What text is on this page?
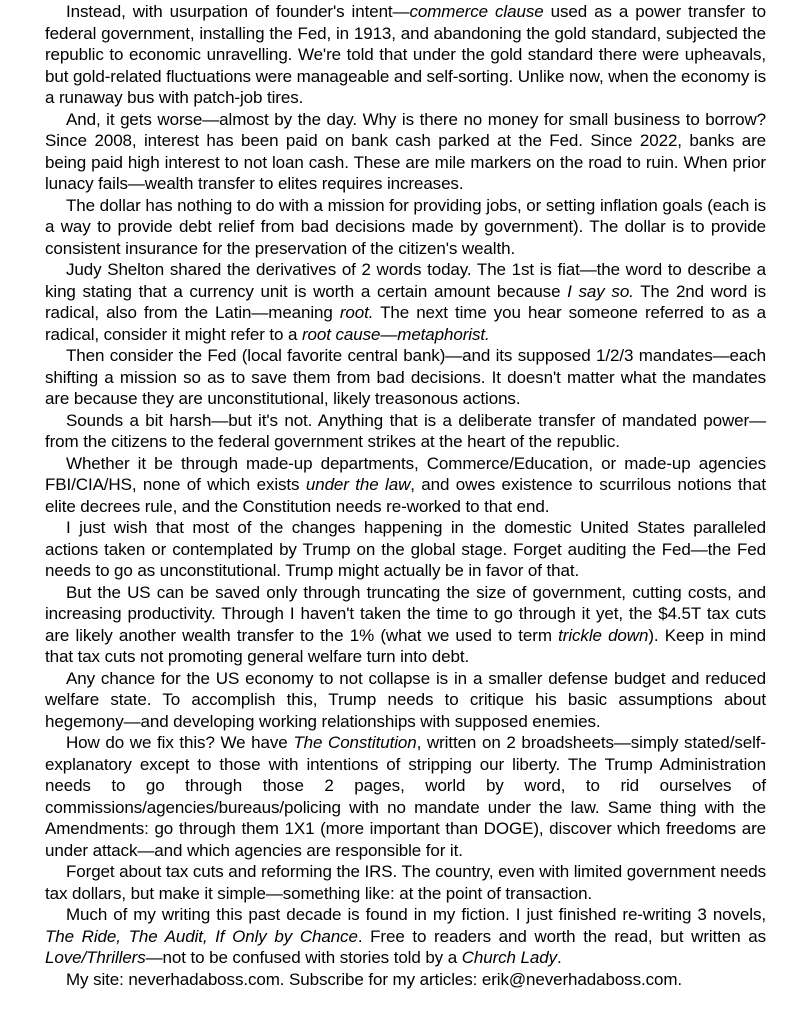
Instead, with usurpation of founder's intent—commerce clause used as a power transfer to federal government, installing the Fed, in 1913, and abandoning the gold standard, subjected the republic to economic unravelling. We're told that under the gold standard there were upheavals, but gold-related fluctuations were manageable and self-sorting. Unlike now, when the economy is a runaway bus with patch-job tires.

And, it gets worse—almost by the day. Why is there no money for small business to borrow? Since 2008, interest has been paid on bank cash parked at the Fed. Since 2022, banks are being paid high interest to not loan cash. These are mile markers on the road to ruin. When prior lunacy fails—wealth transfer to elites requires increases.

The dollar has nothing to do with a mission for providing jobs, or setting inflation goals (each is a way to provide debt relief from bad decisions made by government). The dollar is to provide consistent insurance for the preservation of the citizen's wealth.

Judy Shelton shared the derivatives of 2 words today. The 1st is fiat—the word to describe a king stating that a currency unit is worth a certain amount because I say so. The 2nd word is radical, also from the Latin—meaning root. The next time you hear someone referred to as a radical, consider it might refer to a root cause—metaphorist.

Then consider the Fed (local favorite central bank)—and its supposed 1/2/3 mandates—each shifting a mission so as to save them from bad decisions. It doesn't matter what the mandates are because they are unconstitutional, likely treasonous actions.

Sounds a bit harsh—but it's not. Anything that is a deliberate transfer of mandated power—from the citizens to the federal government strikes at the heart of the republic.

Whether it be through made-up departments, Commerce/Education, or made-up agencies FBI/CIA/HS, none of which exists under the law, and owes existence to scurrilous notions that elite decrees rule, and the Constitution needs re-worked to that end.

I just wish that most of the changes happening in the domestic United States paralleled actions taken or contemplated by Trump on the global stage. Forget auditing the Fed—the Fed needs to go as unconstitutional. Trump might actually be in favor of that.

But the US can be saved only through truncating the size of government, cutting costs, and increasing productivity. Through I haven't taken the time to go through it yet, the $4.5T tax cuts are likely another wealth transfer to the 1% (what we used to term trickle down). Keep in mind that tax cuts not promoting general welfare turn into debt.

Any chance for the US economy to not collapse is in a smaller defense budget and reduced welfare state. To accomplish this, Trump needs to critique his basic assumptions about hegemony—and developing working relationships with supposed enemies.

How do we fix this? We have The Constitution, written on 2 broadsheets—simply stated/self-explanatory except to those with intentions of stripping our liberty. The Trump Administration needs to go through those 2 pages, world by word, to rid ourselves of commissions/agencies/bureaus/policing with no mandate under the law. Same thing with the Amendments: go through them 1X1 (more important than DOGE), discover which freedoms are under attack—and which agencies are responsible for it.

Forget about tax cuts and reforming the IRS. The country, even with limited government needs tax dollars, but make it simple—something like: at the point of transaction.

Much of my writing this past decade is found in my fiction. I just finished re-writing 3 novels, The Ride, The Audit, If Only by Chance. Free to readers and worth the read, but written as Love/Thrillers—not to be confused with stories told by a Church Lady.

My site: neverhadaboss.com. Subscribe for my articles: erik@neverhadaboss.com.
